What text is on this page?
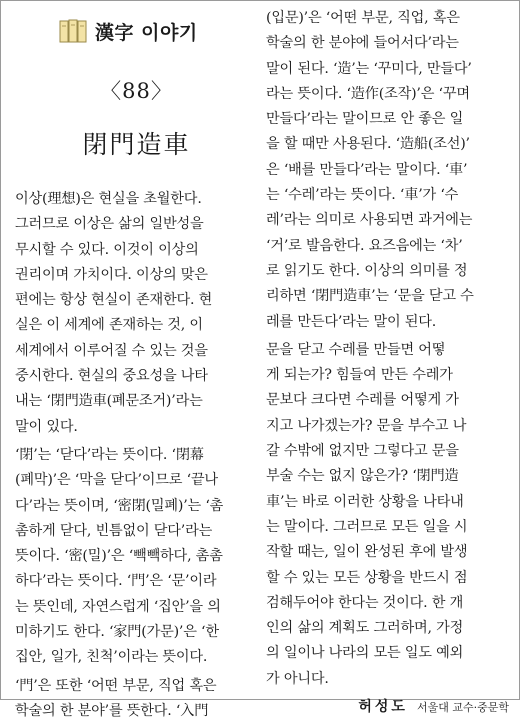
漢字 이야기
〈88〉
閉門造車
이상(理想)은 현실을 초월한다.
그러므로 이상은 삶의 일반성을
무시할 수 있다. 이것이 이상의
권리이며 가치이다. 이상의 맞은
편에는 항상 현실이 존재한다. 현
실은 이 세계에 존재하는 것, 이
세계에서 이루어질 수 있는 것을
중시한다. 현실의 중요성을 나타
내는 ‘閉門造車(폐문조거)’라는
말이 있다.
‘閉’는 ‘닫다’라는 뜻이다. ‘閉幕
(폐막)’은 ‘막을 닫다’이므로 ‘끝나
다’라는 뜻이며, ‘密閉(밀폐)’는 ‘촘
촘하게 닫다, 빈틈없이 닫다’라는
뜻이다. ‘密(밀)’은 ‘빽빽하다, 촘촘
하다’라는 뜻이다. ‘門’은 ‘문’이라
는 뜻인데, 자연스럽게 ‘집안’을 의
미하기도 한다. ‘家門(가문)’은 ‘한
집안, 일가, 친척’이라는 뜻이다.
‘門’은 또한 ‘어떤 부문, 직업 혹은
학술의 한 분야’를 뜻한다. ‘入門
(입문)’은 ‘어떤 부문, 직업, 혹은
학술의 한 분야에 들어서다’라는
말이 된다. ‘造’는 ‘꾸미다, 만들다’
라는 뜻이다. ‘造作(조작)’은 ‘꾸며
만들다’라는 말이므로 안 좋은 일
을 할 때만 사용된다. ‘造船(조선)’
은 ‘배를 만들다’라는 말이다. ‘車’
는 ‘수레’라는 뜻이다. ‘車’가 ‘수
레’라는 의미로 사용되면 과거에는
‘거’로 발음한다. 요즈음에는 ‘차’
로 읽기도 한다. 이상의 의미를 정
리하면 ‘閉門造車’는 ‘문을 닫고 수
레를 만든다’라는 말이 된다.
문을 닫고 수레를 만들면 어떻
게 되는가? 힘들여 만든 수레가
문보다 크다면 수레를 어떻게 가
지고 나가겠는가? 문을 부수고 나
갈 수밖에 없지만 그렇다고 문을
부술 수는 없지 않은가? ‘閉門造
車’는 바로 이러한 상황을 나타내
는 말이다. 그러므로 모든 일을 시
작할 때는, 일이 완성된 후에 발생
할 수 있는 모든 상황을 반드시 점
검해두어야 한다는 것이다. 한 개
인의 삶의 계획도 그러하며, 가정
의 일이나 나라의 모든 일도 예외
가 아니다.
허성도 서울대 교수·중문학
